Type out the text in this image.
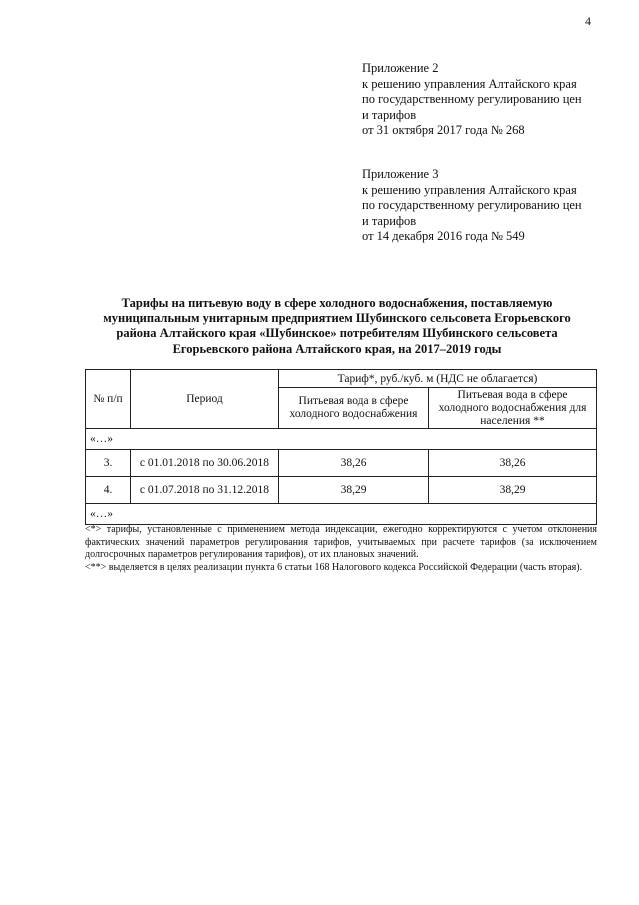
4
Приложение 2
к решению управления Алтайского края
по государственному регулированию цен
и тарифов
от 31 октября 2017 года № 268
Приложение 3
к решению управления Алтайского края
по государственному регулированию цен
и тарифов
от 14 декабря 2016 года № 549
Тарифы на питьевую воду в сфере холодного водоснабжения, поставляемую
муниципальным унитарным предприятием Шубинского сельсовета Егорьевского
района Алтайского края «Шубинское» потребителям Шубинского сельсовета
Егорьевского района Алтайского края, на 2017–2019 годы
№ п/п	Период	Тариф*, руб./куб. м (НДС не облагается)	
		Питьевая вода в сфере холодного водоснабжения	Питьевая вода в сфере холодного водоснабжения для населения **
«…»			
3.	с 01.01.2018 по 30.06.2018	38,26	38,26
4.	с 01.07.2018 по 31.12.2018	38,29	38,29
«…»			

<*> тарифы, установленные с применением метода индексации, ежегодно корректируются с учетом отклонения фактических значений параметров регулирования тарифов, учитываемых при расчете тарифов (за исключением долгосрочных параметров регулирования тарифов), от их плановых значений.

<**> выделяется в целях реализации пункта 6 статьи 168 Налогового кодекса Российской Федерации (часть вторая).
